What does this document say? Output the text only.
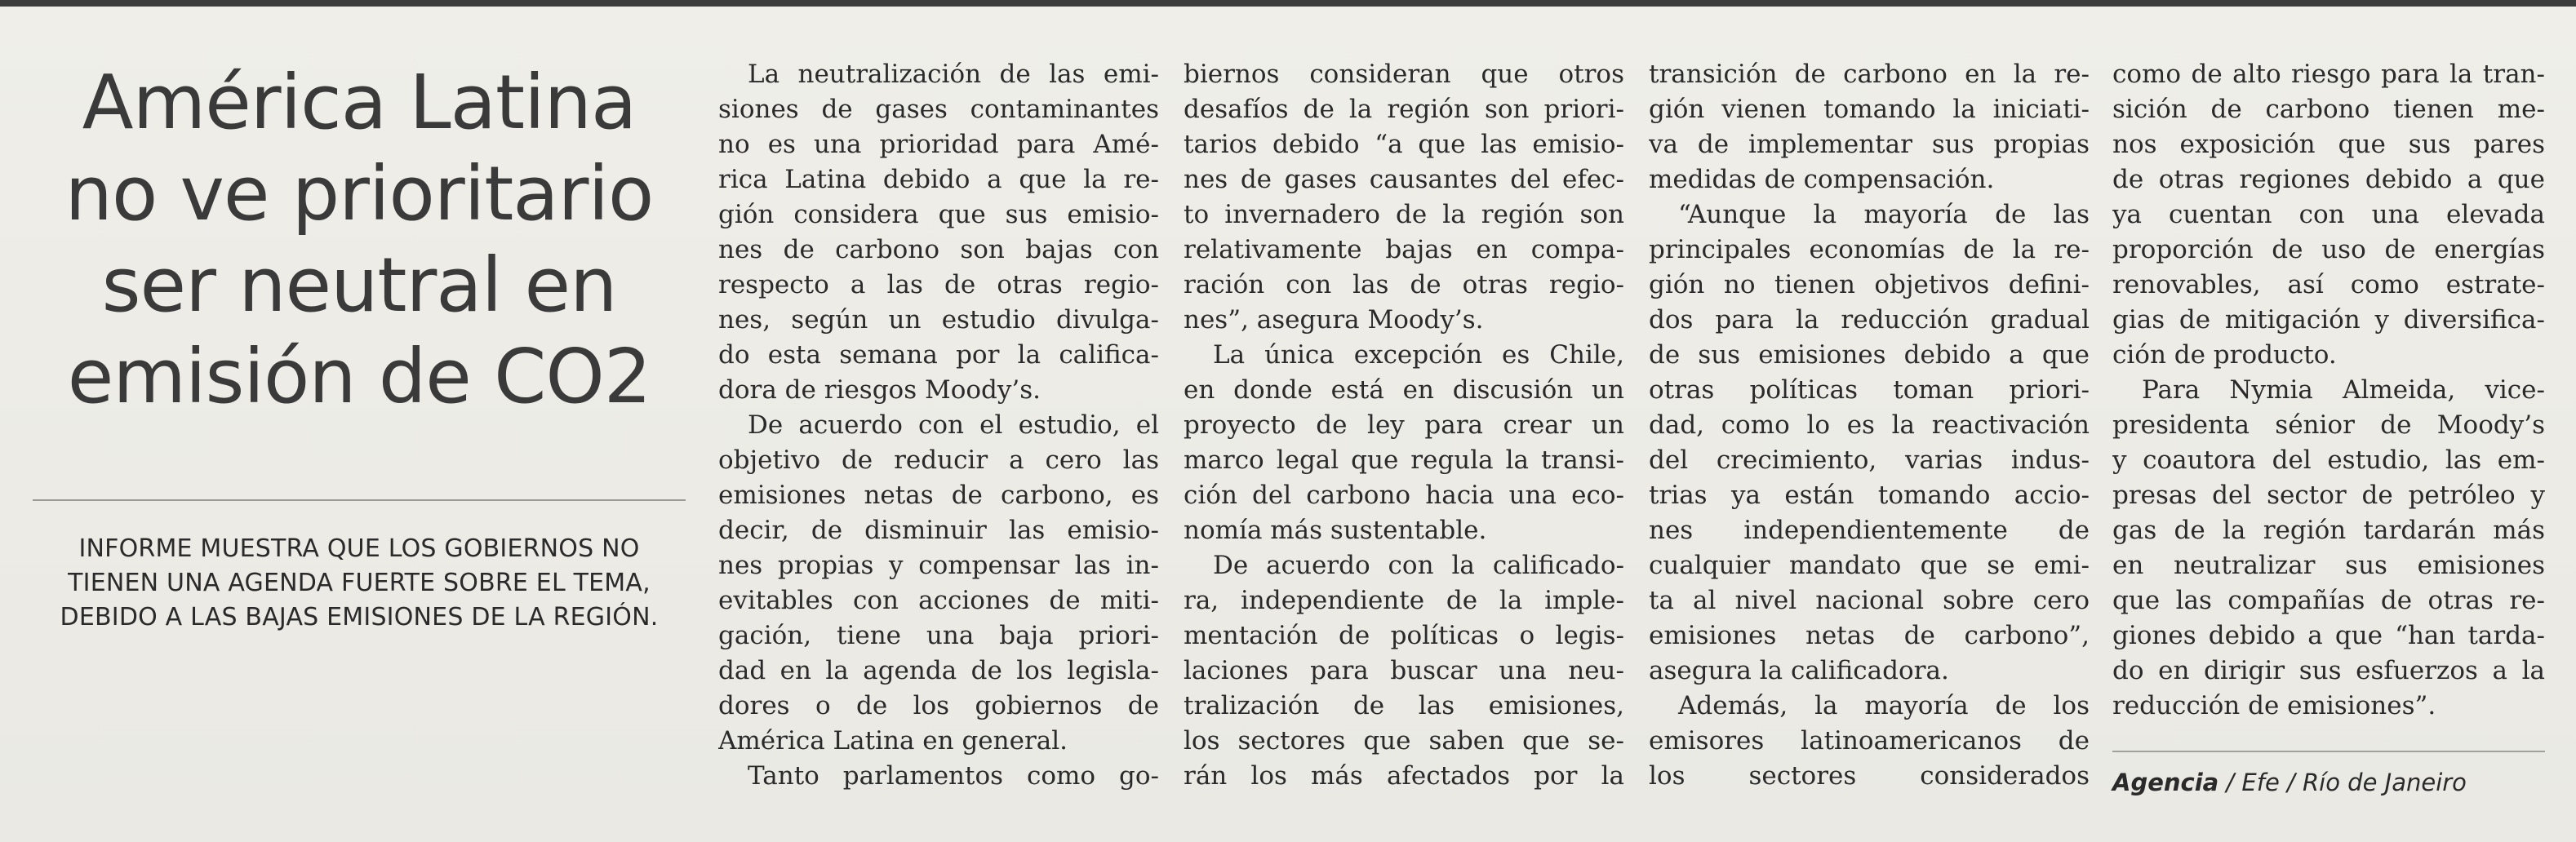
América Latina
no ve prioritario
ser neutral en
emisión de CO2

INFORME MUESTRA QUE LOS GOBIERNOS NO
TIENEN UNA AGENDA FUERTE SOBRE EL TEMA,
DEBIDO A LAS BAJAS EMISIONES DE LA REGIÓN.

La neutralización de las emi-
siones de gases contaminantes
no es una prioridad para Amé-
rica Latina debido a que la re-
gión considera que sus emisio-
nes de carbono son bajas con
respecto a las de otras regio-
nes, según un estudio divulga-
do esta semana por la califica-
dora de riesgos Moody’s.
De acuerdo con el estudio, el
objetivo de reducir a cero las
emisiones netas de carbono, es
decir, de disminuir las emisio-
nes propias y compensar las in-
evitables con acciones de miti-
gación, tiene una baja priori-
dad en la agenda de los legisla-
dores o de los gobiernos de
América Latina en general.
Tanto parlamentos como go-
biernos consideran que otros
desafíos de la región son priori-
tarios debido “a que las emisio-
nes de gases causantes del efec-
to invernadero de la región son
relativamente bajas en compa-
ración con las de otras regio-
nes”, asegura Moody’s.
La única excepción es Chile,
en donde está en discusión un
proyecto de ley para crear un
marco legal que regula la transi-
ción del carbono hacia una eco-
nomía más sustentable.
De acuerdo con la calificado-
ra, independiente de la imple-
mentación de políticas o legis-
laciones para buscar una neu-
tralización de las emisiones,
los sectores que saben que se-
rán los más afectados por la
transición de carbono en la re-
gión vienen tomando la iniciati-
va de implementar sus propias
medidas de compensación.
“Aunque la mayoría de las
principales economías de la re-
gión no tienen objetivos defini-
dos para la reducción gradual
de sus emisiones debido a que
otras políticas toman priori-
dad, como lo es la reactivación
del crecimiento, varias indus-
trias ya están tomando accio-
nes independientemente de
cualquier mandato que se emi-
ta al nivel nacional sobre cero
emisiones netas de carbono”,
asegura la calificadora.
Además, la mayoría de los
emisores latinoamericanos de
los sectores considerados
como de alto riesgo para la tran-
sición de carbono tienen me-
nos exposición que sus pares
de otras regiones debido a que
ya cuentan con una elevada
proporción de uso de energías
renovables, así como estrate-
gias de mitigación y diversifica-
ción de producto.
Para Nymia Almeida, vice-
presidenta sénior de Moody’s
y coautora del estudio, las em-
presas del sector de petróleo y
gas de la región tardarán más
en neutralizar sus emisiones
que las compañías de otras re-
giones debido a que “han tarda-
do en dirigir sus esfuerzos a la
reducción de emisiones”.
Agencia / Efe / Río de Janeiro
